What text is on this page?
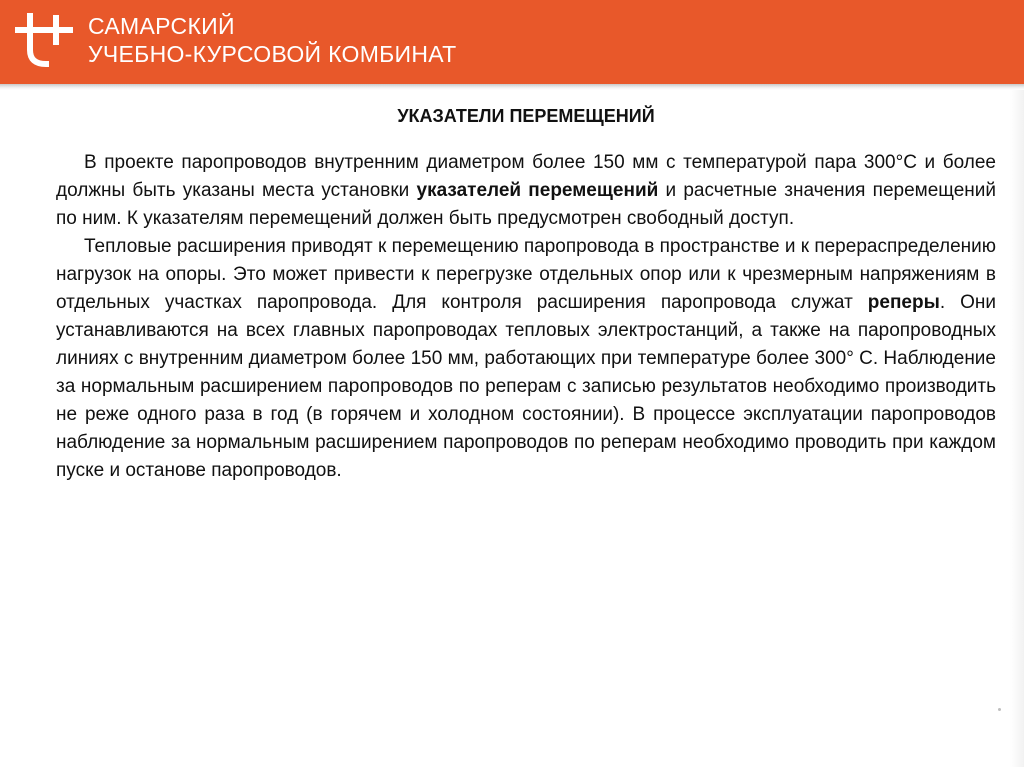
САМАРСКИЙ
УЧЕБНО-КУРСОВОЙ КОМБИНАТ
УКАЗАТЕЛИ ПЕРЕМЕЩЕНИЙ

В проекте паропроводов внутренним диаметром более 150 мм с температурой пара 300°С и более должны быть указаны места установки указателей перемещений и расчетные значения перемещений по ним. К указателям перемещений должен быть предусмотрен свободный доступ.

Тепловые расширения приводят к перемещению паропровода в пространстве и к перераспределению нагрузок на опоры. Это может привести к перегрузке отдельных опор или к чрезмерным напряжениям в отдельных участках паропровода. Для контроля расширения паропровода служат реперы. Они устанавливаются на всех главных паропроводах тепловых электростанций, а также на паропроводных линиях с внутренним диаметром более 150 мм, работающих при температуре более 300° С. Наблюдение за нормальным расширением паропроводов по реперам с записью результатов необходимо производить не реже одного раза в год (в горячем и холодном состоянии). В процессе эксплуатации паропроводов наблюдение за нормальным расширением паропроводов по реперам необходимо проводить при каждом пуске и останове паропроводов.
